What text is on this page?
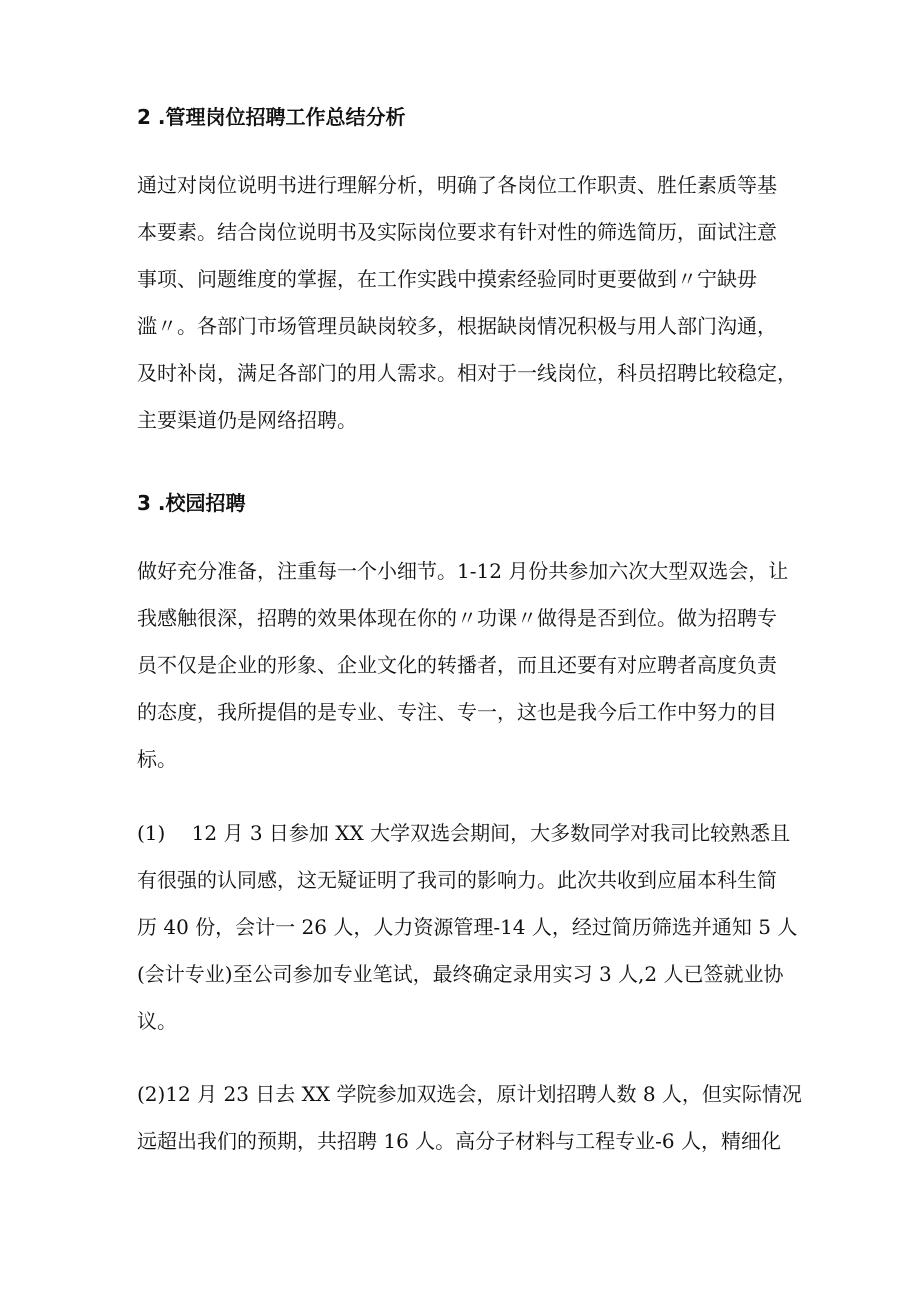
2 .管理岗位招聘工作总结分析

通过对岗位说明书进行理解分析，明确了各岗位工作职责、胜任素质等基
本要素。结合岗位说明书及实际岗位要求有针对性的筛选简历，面试注意
事项、问题维度的掌握，在工作实践中摸索经验同时更要做到〃宁缺毋
滥〃。各部门市场管理员缺岗较多，根据缺岗情况积极与用人部门沟通，
及时补岗，满足各部门的用人需求。相对于一线岗位，科员招聘比较稳定，
主要渠道仍是网络招聘。

3 .校园招聘

做好充分准备，注重每一个小细节。1-12 月份共参加六次大型双选会，让
我感触很深，招聘的效果体现在你的〃功课〃做得是否到位。做为招聘专
员不仅是企业的形象、企业文化的转播者，而且还要有对应聘者高度负责
的态度，我所提倡的是专业、专注、专一，这也是我今后工作中努力的目
标。

(1)　 12 月 3 日参加 XX 大学双选会期间，大多数同学对我司比较熟悉且
有很强的认同感，这无疑证明了我司的影响力。此次共收到应届本科生简
历 40 份，会计一 26 人，人力资源管理-14 人，经过简历筛选并通知 5 人
(会计专业)至公司参加专业笔试，最终确定录用实习 3 人,2 人已签就业协
议。

(2)12 月 23 日去 XX 学院参加双选会，原计划招聘人数 8 人，但实际情况
远超出我们的预期，共招聘 16 人。高分子材料与工程专业-6 人，精细化
